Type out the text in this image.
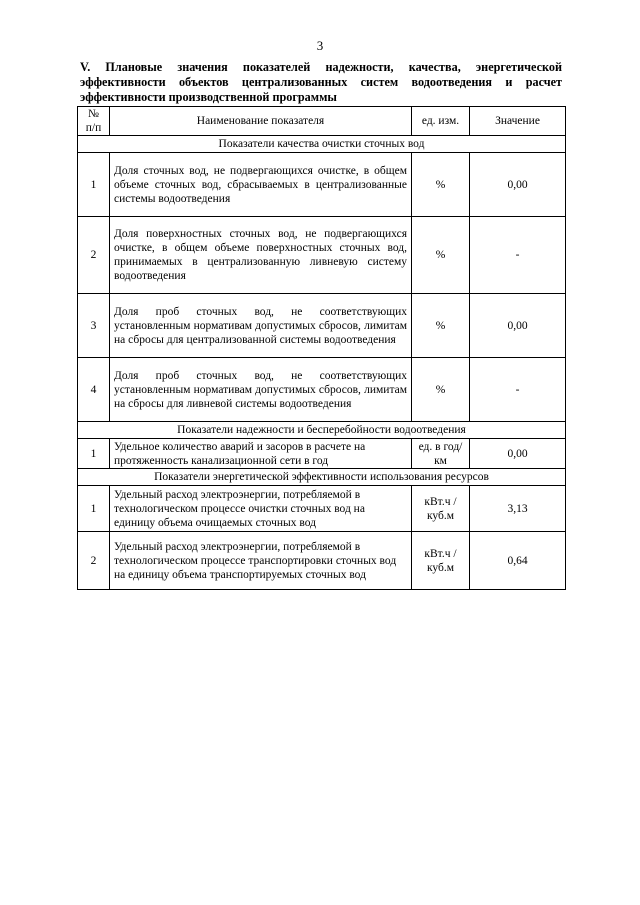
3
V. Плановые значения показателей надежности, качества, энергетической эффективности объектов централизованных систем водоотведения и расчет эффективности производственной программы
№ п/п	Наименование показателя	ед. изм.	Значение
Показатели качества очистки сточных вод			
1	Доля сточных вод, не подвергающихся очистке, в общем объеме сточных вод, сбрасываемых в централизованные системы водоотведения	%	0,00
2	Доля поверхностных сточных вод, не подвергающихся очистке, в общем объеме поверхностных сточных вод, принимаемых в централизованную ливневую систему водоотведения	%	-
3	Доля проб сточных вод, не соответствующих установленным нормативам допустимых сбросов, лимитам на сбросы для централизованной системы водоотведения	%	0,00
4	Доля проб сточных вод, не соответствующих установленным нормативам допустимых сбросов, лимитам на сбросы для ливневой системы водоотведения	%	-
Показатели надежности и бесперебойности водоотведения			
1	Удельное количество аварий и засоров в расчете на протяженность канализационной сети в год	ед. в год/ км	0,00
Показатели энергетической эффективности использования ресурсов			
1	Удельный расход электроэнергии, потребляемой в технологическом процессе очистки сточных вод на единицу объема очищаемых сточных вод	кВт.ч / куб.м	3,13
2	Удельный расход электроэнергии, потребляемой в технологическом процессе транспортировки сточных вод на единицу объема транспортируемых сточных вод	кВт.ч / куб.м	0,64
